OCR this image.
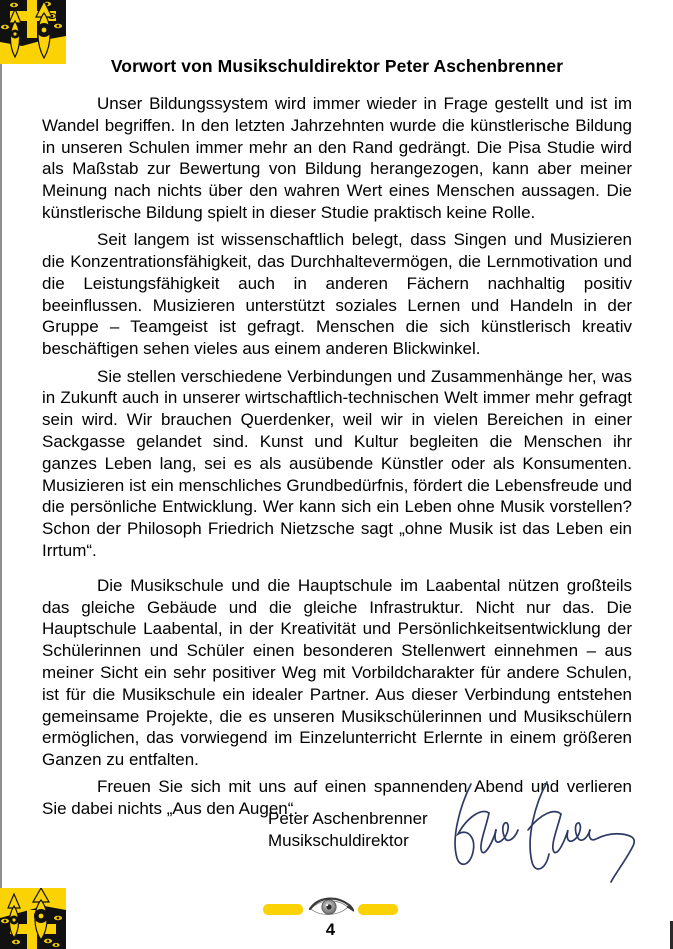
Vorwort von Musikschuldirektor Peter Aschenbrenner

Unser Bildungssystem wird immer wieder in Frage gestellt und ist im Wandel begriffen. In den letzten Jahrzehnten wurde die künstlerische Bildung in unseren Schulen immer mehr an den Rand gedrängt. Die Pisa Studie wird als Maßstab zur Bewertung von Bildung herangezogen, kann aber meiner Meinung nach nichts über den wahren Wert eines Menschen aussagen. Die künstlerische Bildung spielt in dieser Studie praktisch keine Rolle.

Seit langem ist wissenschaftlich belegt, dass Singen und Musizieren die Konzentrationsfähigkeit, das Durchhaltevermögen, die Lernmotivation und die Leistungsfähigkeit auch in anderen Fächern nachhaltig positiv beeinflussen. Musizieren unterstützt soziales Lernen und Handeln in der Gruppe – Teamgeist ist gefragt. Menschen die sich künstlerisch kreativ beschäftigen sehen vieles aus einem anderen Blickwinkel.

Sie stellen verschiedene Verbindungen und Zusammenhänge her, was in Zukunft auch in unserer wirtschaftlich-technischen Welt immer mehr gefragt sein wird. Wir brauchen Querdenker, weil wir in vielen Bereichen in einer Sackgasse gelandet sind. Kunst und Kultur begleiten die Menschen ihr ganzes Leben lang, sei es als ausübende Künstler oder als Konsumenten. Musizieren ist ein menschliches Grundbedürfnis, fördert die Lebensfreude und die persönliche Entwicklung. Wer kann sich ein Leben ohne Musik vorstellen? Schon der Philosoph Friedrich Nietzsche sagt „ohne Musik ist das Leben ein Irrtum“.

Die Musikschule und die Hauptschule im Laabental nützen großteils das gleiche Gebäude und die gleiche Infrastruktur. Nicht nur das. Die Hauptschule Laabental, in der Kreativität und Persönlichkeitsentwicklung der Schülerinnen und Schüler einen besonderen Stellenwert einnehmen – aus meiner Sicht ein sehr positiver Weg mit Vorbildcharakter für andere Schulen, ist für die Musikschule ein idealer Partner. Aus dieser Verbindung entstehen gemeinsame Projekte, die es unseren Musikschülerinnen und Musikschülern ermöglichen, das vorwiegend im Einzelunterricht Erlernte in einem größeren Ganzen zu entfalten.

Freuen Sie sich mit uns auf einen spannenden Abend und verlieren Sie dabei nichts „Aus den Augen“.

Peter Aschenbrenner
Musikschuldirektor
4
